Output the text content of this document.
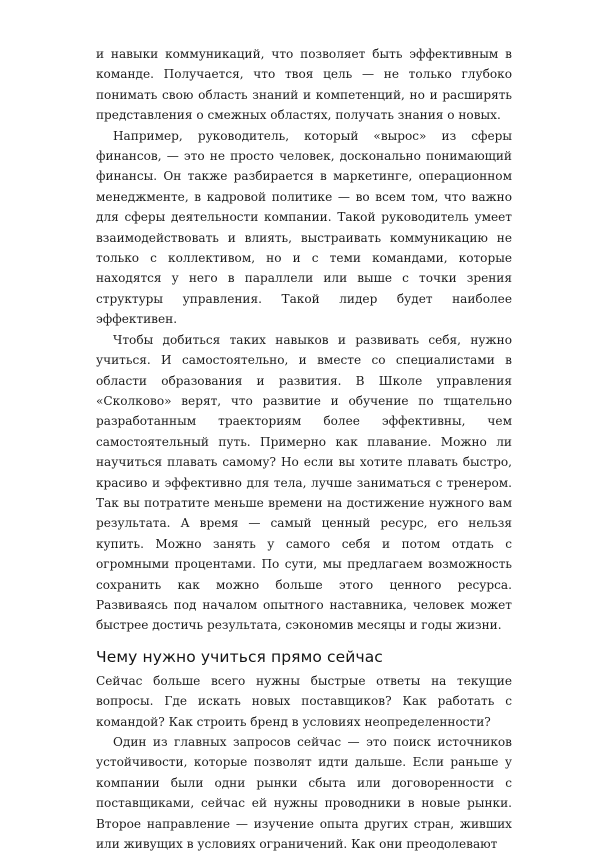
и навыки коммуникаций, что позволяет быть эффективным в команде. Получается, что твоя цель — не только глубоко понимать свою область знаний и компетенций, но и расширять представления о смежных областях, получать знания о новых.

Например, руководитель, который «вырос» из сферы финансов, — это не просто человек, досконально понимающий финансы. Он также разбирается в маркетинге, операционном менеджменте, в кадровой политике — во всем том, что важно для сферы деятельности компании. Такой руководитель умеет взаимодействовать и влиять, выстраивать коммуникацию не только с коллективом, но и с теми командами, которые находятся у него в параллели или выше с точки зрения структуры управления. Такой лидер будет наиболее эффективен.

Чтобы добиться таких навыков и развивать себя, нужно учиться. И самостоятельно, и вместе со специалистами в области образования и развития. В Школе управления «Сколково» верят, что развитие и обучение по тщательно разработанным траекториям более эффективны, чем самостоятельный путь. Примерно как плавание. Можно ли научиться плавать самому? Но если вы хотите плавать быстро, красиво и эффективно для тела, лучше заниматься с тренером. Так вы потратите меньше времени на достижение нужного вам результата. А время — самый ценный ресурс, его нельзя купить. Можно занять у самого себя и потом отдать с огромными процентами. По сути, мы предлагаем возможность сохранить как можно больше этого ценного ресурса. Развиваясь под началом опытного наставника, человек может быстрее достичь результата, сэкономив месяцы и годы жизни.

Чему нужно учиться прямо сейчас

Сейчас больше всего нужны быстрые ответы на текущие вопросы. Где искать новых поставщиков? Как работать с командой? Как строить бренд в условиях неопределенности?

Один из главных запросов сейчас — это поиск источников устойчивости, которые позволят идти дальше. Если раньше у компании были одни рынки сбыта или договоренности с поставщиками, сейчас ей нужны проводники в новые рынки. Второе направление — изучение опыта других стран, живших или живущих в условиях ограничений. Как они преодолевают
